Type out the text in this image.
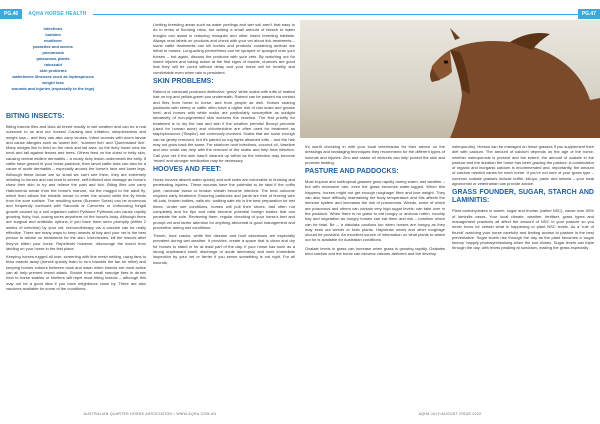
PG.46	AQHA HORSE HEALTH
infections
lumbins
mudfever
parasites and worms
pneumonia
poisonous plants
rainscald
skin problems
waterborne illnesses such as leptospirosis
weight loss
wounds and injuries (especially to the legs)
BITING INSECTS:

Biting insects flies and ticks all breed readily in wet weather and can be a real nuisance to us and our horses! Causing skin irritation, sleeplessness and weight loss – and they can also carry viruses. Infect wounds with worm larvae and cause allergies such as 'sweet itch', 'summer itch' and 'Queensland itch'. Many midges like to feed on the neck and tail area, so the itchy horse rubs his neck and tail against fences and trees. Others feed on the chest or belly skin, causing ventral midline dermatitis – a crusty itchy lesion underneath the belly. If cattle have grazed in your horse paddock, then larval cattle ticks can also be a cause of acute dermatitis – especially around the horse's face and lower legs. Although these larvae are so small we can't see them, they are extremely irritating to horses and can lead to severe, self-inflicted skin damage as horse's chew their skin to try and relieve the pain and itch. Biting flies can carry Habronema larvae from the horse's manure, via the maggot to the adult fly, which then allows the irritable larvae to enter the wound while the fly feeds from the sore surface. The resulting sores (Summer Sores) can be enormous and frequently confused with Sarcoids or Canceres or Unfocusing fungal growth caused by a soil organism called Pythium/ Pythiosis can cause rapidly growing, itchy, foul, oozing sores anywhere on the horse's body. Although there are surgical and antibiotic options, if you have them seen promptly (within 2 weeks of infection) by your vet, immunotherapy via a vaccine can be really effective. There are many ways to keep insects at bay and your vet is the best person to advise on treatments for the skin. Insecticides, kill the insects after they've bitten your horse. Repellents however, discourage the insect from landing on your horse in the first place.

Keeping horses rugged all over, screening with fine mesh netting, using fans to blow insects away (horses quickly learn to turn towards the fan for relief) and keeping horses indoors between dusk and dawn when insects are most active can all help prevent insect attack. Smoke from small smudge fires in drums next to horse stables or shelters will repel most biting insects – although this may not be a good idea if you have neighbours close by. There are also vaccines available for some of the conditions.

Limiting breeding areas such as water peelings and wet soil aren't that easy to do in times of flooding rains, but adding a small amount of bleach to water troughs can assist in reducing mosquito and other insect breeding habitats. Always read labels on products and check with your vet about tick treatments – some cattle treatments can kill horses and products containing amitraz are lethal to horses. Long-acting permethrins can be sprayed or sponged onto your horses – but again, discuss the products with your vets. By watching out for insect injuries and taking action at the first signs of trouble, chances are good that they will be cured without delay and your horse will be healthy and comfortable even when rain is persistent.

SKIN PROBLEMS:

Rainrot or rainscald produces distinctive 'gravy' white scabs with tufts of matted hair on top and yellow-green pus underneath. Rainrot can be passed via contact and flies from horse to horse, and from people as well. Horses sharing paddocks with sheep or cattle often have a higher risk of rain scald and grease heel, and horses with white socks are particularly susceptible as sunlight sensitivity of non-pigmented skin worsens the reaction. The first priority for treatment is to dry the hair and skin if the weather permits! Benzyl peroxide (used for human acne) and chlorhexidine are often used for treatment as staphylococcus ('Staphs') are commonly involved. Scabs that are loose enough can be gently removed, but it's painful so tug tights attached tufts – and the hair may not grow back the same. For stubborn hoof infections, coconut oil, Vaseline and zinc oxide can help with the removal of the scabs and help heal infection. Call your vet if the skin hasn't cleaned up within as the infection may become 'mixed' and stronger medication may be necessary.

HOOVES AND FEET:

Horse hooves absorb water quickly and soft soles are vulnerable to bruising and penetrating injuries. These wounds have the potential to be fatal if the coffin joint, navicular bursa or tendon sheath become infected. The best outcome requires early treatment. Ensuring paddocks and yards are free of fencing wire off-cuts, broken bottles, nails etc. walking safe etc is the best preparation for wet times. Under wet conditions, horses will pull their shoes, fast often not completely and fur tips and nails become potential foreign bodies that can penetrate the sole. Reviewing them, regular checking of your horse's feet and prompt vet and farrier attention for anything abnormal is good management and preventive during wet conditions.

Thrush, hoof cracks, white line disease and hoof abscesses are especially prevalent during wet weather. It provides, create a space that is clean and dry for horses to stand in for at least part of the day. If your horse has such as a strong unpleasant smell, discharge or acute lameness) and seek immediate inspection by your vet or farrier if you sense something is not right. For all wounds,

AUSTRALIAN QUARTER HORSE ASSOCIATION • WWW.AQHA.COM.AU
PG.47

it's worth checking in with your local veterinarian for their advice on the dressings and bandaging techniques they recommend for the different types of wounds and injuries. Zinc and castor oil mixtures can help protect the skin and promote healing.

PASTURE AND PADDOCKS:

Most tropical and subtropical grasses grow rapidly during warm, wet weather – but with excessive rain, even the grass becomes water-logged. When this happens, horses might not get enough roughage/ fibre and lose weight. They can also have difficulty maintaining the body temperature and this affects the immune system and increases the risk of pneumonia. Weeds, some of which are poisonous and others can contain very high sugar levels, can take over in the paddock. When there is no grass to eat hungry or anxious rotten, mouldy hay and vegetation as hungry horses can eat them and risk – botulism which can be fatal. Be – 'a dakdaks cautious too when horses are hungry as they may seek out weeds or toxic plants. Hay/straw mixes and other roughage should be provided. An excellent source of information on what plants to watch out for is available for Australian conditions.

Oxalate levels in grass can increase when grass is growing rapidly. Oxalates bind calcium and the horse can become calcium-deficient and the develop

osteoporotic). Horses can be managed on these grasses if you supplement their diet with calcium. The amount of calcium depends on the age of the horse, whether osteoporosis is present and the extent, the amount of oxalate in the pasture and the duration the horse has been grazing the pasture. A combination of organic and inorganic calcium is recommended and, importantly, the amount of calcium needed varies for each horse. If you're not sure of your grass type – common oxalate grasses include buffel, kikuyu, panic and setaria – your local agronomist or veterinarian can provide advice.

GRASS FOUNDER, SUGAR, STARCH AND LAMINITIS:

Plant carbohydrates in starch, sugar and fructan (called NSC), cause over 55% of laminitis cases. Your local climate, weather, fertiliser, grass types and management practices all affect the amount of NSC in your pasture so you never know for certain what is happening to plant NSC levels. As a 'rule of thumb' watching your horse carefully and limiting access to pasture is the best preventative. Sugar levels rise through the day as the plant becomes a 'sugar factory' happily photosynthesising when the sun shines. Sugar levels can triple through the day, with levels peaking at sundown, making the grass especially

AQHA JULY/AUGUST ISSUE 2022
